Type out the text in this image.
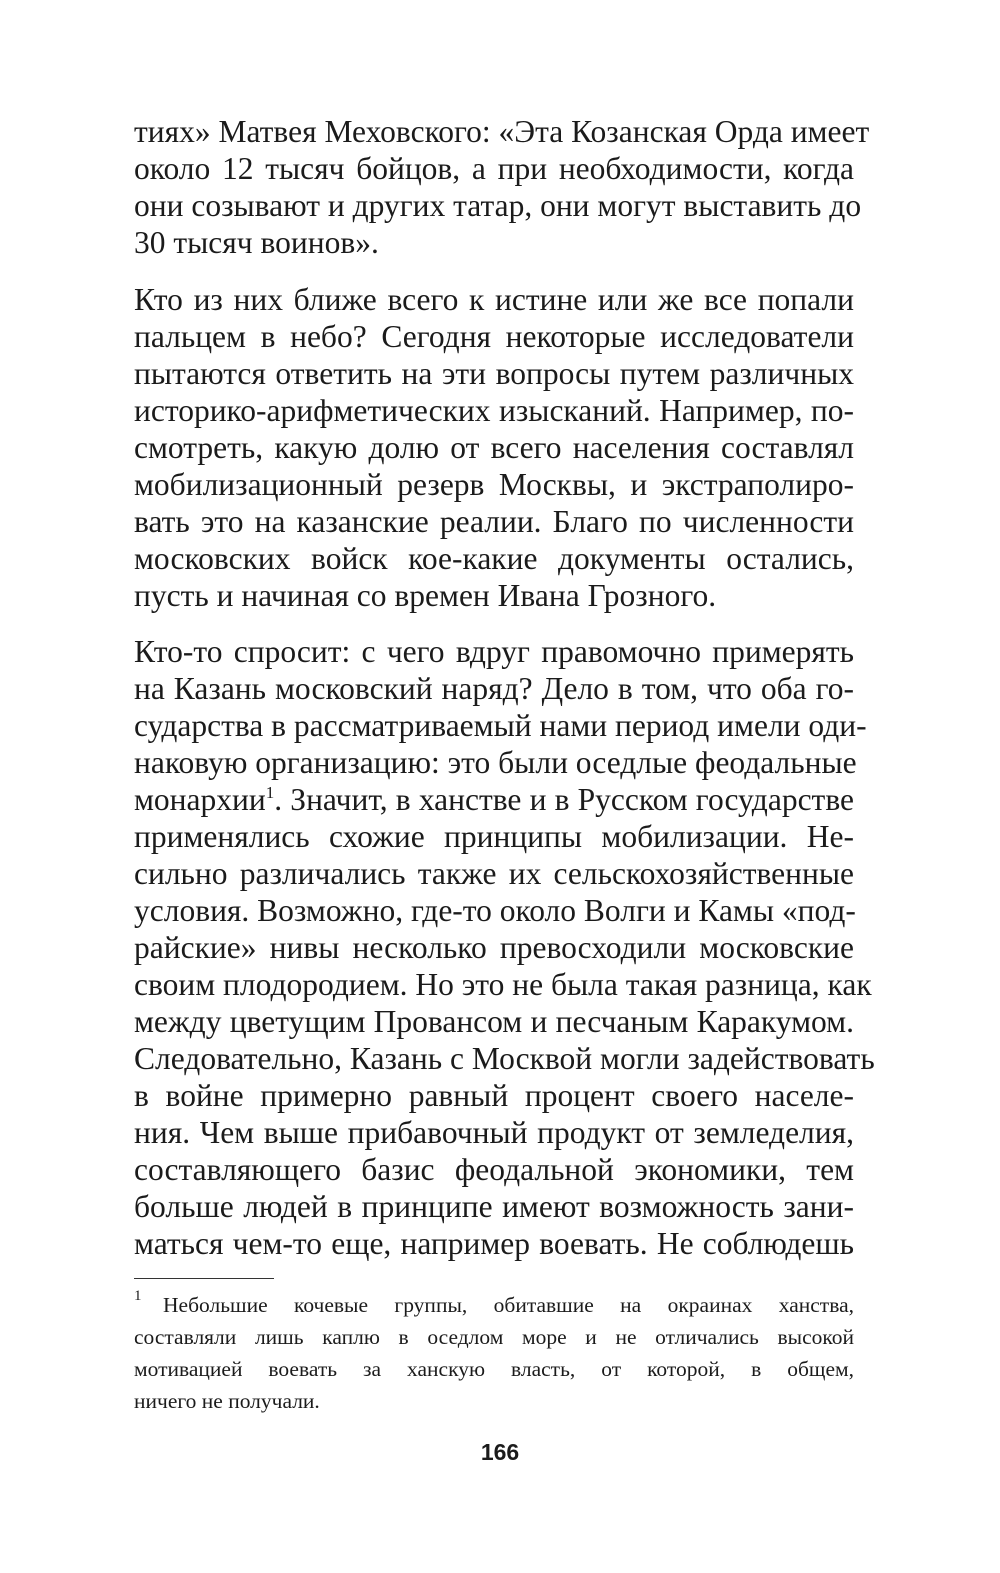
тиях» Матвея Меховского: «Эта Козанская Орда имеет
около 12 тысяч бойцов, а при необходимости, когда
они созывают и других татар, они могут выставить до
30 тысяч воинов».
Кто из них ближе всего к истине или же все попали
пальцем в небо? Сегодня некоторые исследователи
пытаются ответить на эти вопросы путем различных
историко-арифметических изысканий. Например, по-
смотреть, какую долю от всего населения составлял
мобилизационный резерв Москвы, и экстраполиро-
вать это на казанские реалии. Благо по численности
московских войск кое-какие документы остались,
пусть и начиная со времен Ивана Грозного.
Кто-то спросит: с чего вдруг правомочно примерять
на Казань московский наряд? Дело в том, что оба го-
сударства в рассматриваемый нами период имели оди-
наковую организацию: это были оседлые феодальные
монархии$^1$. Значит, в ханстве и в Русском государстве
применялись схожие принципы мобилизации. Не-
сильно различались также их сельскохозяйственные
условия. Возможно, где-то около Волги и Камы «под-
райские» нивы несколько превосходили московские
своим плодородием. Но это не была такая разница, как
между цветущим Провансом и песчаным Каракумом.
Следовательно, Казань с Москвой могли задействовать
в войне примерно равный процент своего населе-
ния. Чем выше прибавочный продукт от земледелия,
составляющего базис феодальной экономики, тем
больше людей в принципе имеют возможность зани-
маться чем-то еще, например воевать. Не соблюдешь
1 Небольшие кочевые группы, обитавшие на окраинах ханства,
составляли лишь каплю в оседлом море и не отличались высокой
мотивацией воевать за ханскую власть, от которой, в общем,
ничего не получали.
166
